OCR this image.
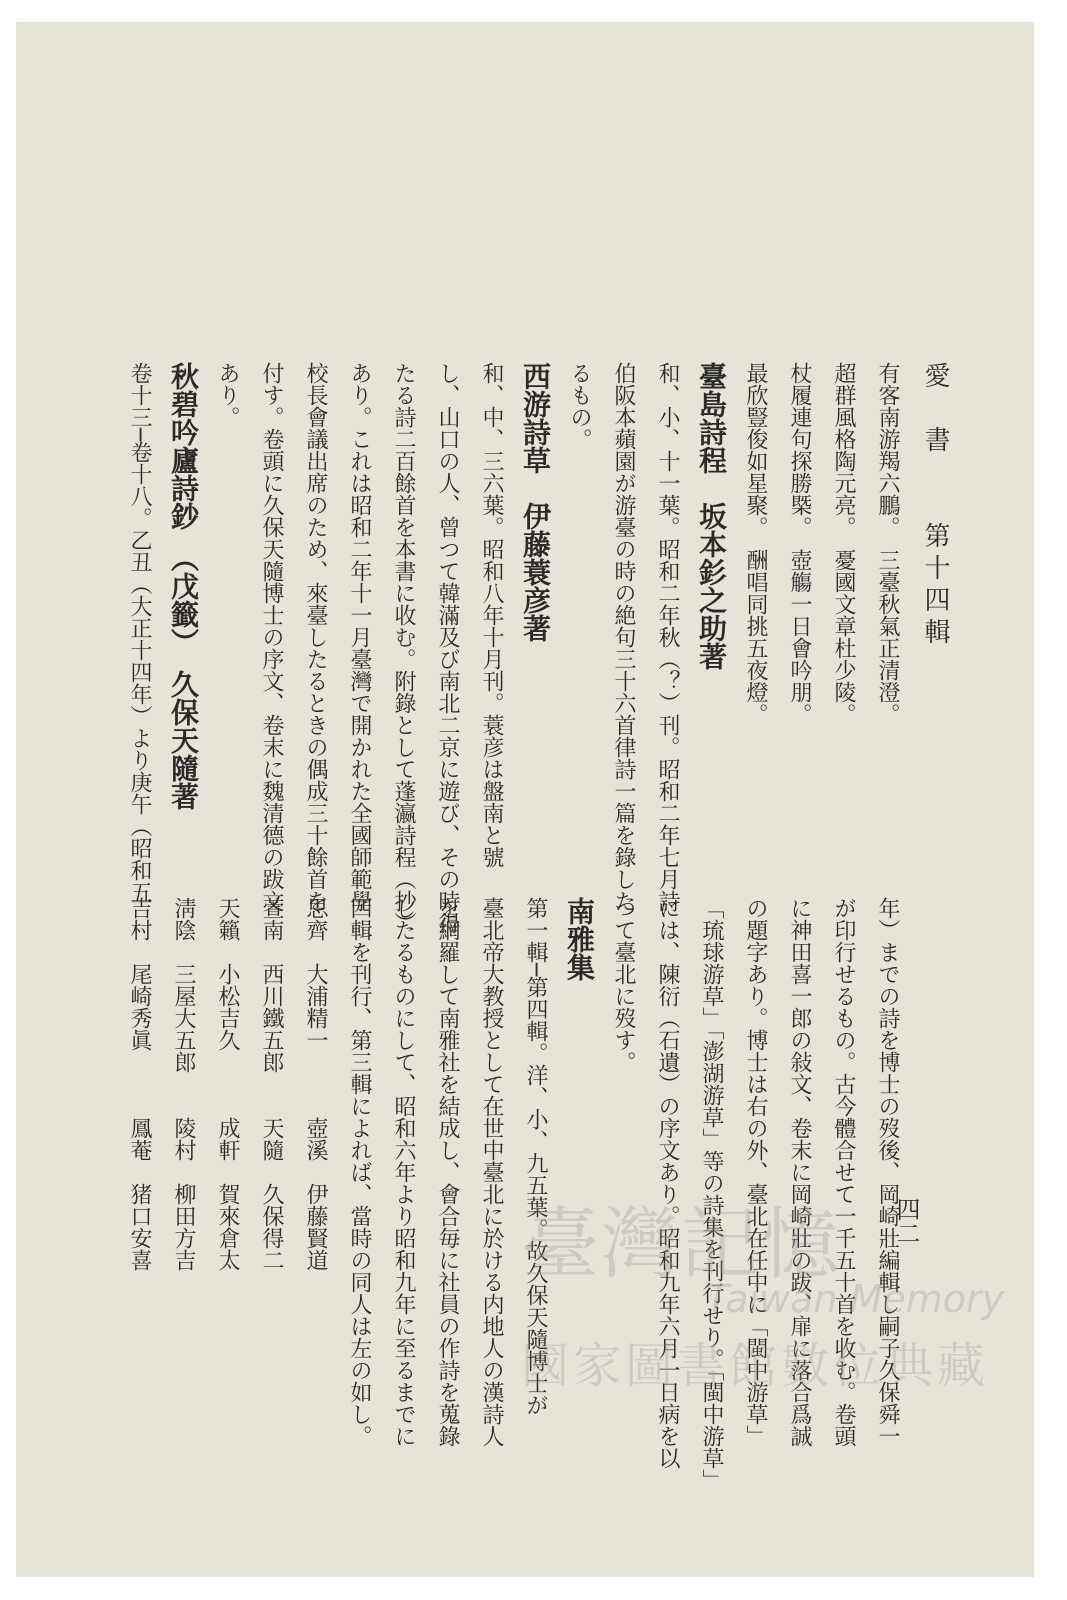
愛　書
第十四輯
四二
有客南游羯六鵬。　三臺秋氣正清澄。
超群風格陶元亮。　憂國文章杜少陵。
杖履連句探勝槩。　壺觴一日會吟朋。
最欣豎俊如星聚。　酬唱同挑五夜燈。
臺島詩程　坂本釤之助著
和、小、十一葉。昭和二年秋（？）刊。昭和二年七月詩
伯阪本蘋園が游臺の時の絶句三十六首律詩一篇を錄した
るもの。
西游詩草　伊藤蓑彦著
和、中、三六葉。昭和八年十月刊。蓑彦は盤南と號
し、山口の人、曾つて韓滿及び南北二京に遊び、その時得
たる詩二百餘首を本書に收む。附錄として蓬瀛詩程（抄）
あり。これは昭和二年十一月臺灣で開かれた全國師範學
校長會議出席のため、來臺したるときの偶成三十餘首を
付す。卷頭に久保天隨博士の序文、卷末に魏清德の跋文
あり。
秋碧吟廬詩鈔　（戊籤）　久保天隨著
卷十三─卷十八。乙丑（大正十四年）より庚午（昭和五
年）までの詩を博士の歿後、岡崎壯編輯し嗣子久保舜一
が印行せるもの。古今體合せて一千五十首を收む。卷頭
に神田喜一郎の敍文、卷末に岡崎壯の跋、扉に落合爲誠
の題字あり。博士は右の外、臺北在任中に「閩中游草」
「琉球游草」「澎湖游草」等の詩集を刊行せり。「閩中游草」
には、陳衍（石遺）の序文あり。昭和九年六月一日病を以
つて臺北に歿す。
南雅集
第一輯─第四輯。洋、小、九五葉。故久保天隨博士が
臺北帝大教授として在世中臺北に於ける内地人の漢詩人
を網羅して南雅社を結成し、會合毎に社員の作詩を蒐錄
したるものにして、昭和六年より昭和九年に至るまでに
四輯を刊行、第三輯によれば、當時の同人は左の如し。
思齊　大浦精一　　　壺溪　伊藤賢道
萱南　西川鐵五郎　　天隨　久保得二
天籟　小松吉久　　　成軒　賀來倉太
淸陰　三屋大五郎　　陵村　柳田方吉
吉村　尾崎秀眞　　　鳳菴　猪口安喜	臺灣記憶
Taiwan Memory
國家圖書館數位典藏
